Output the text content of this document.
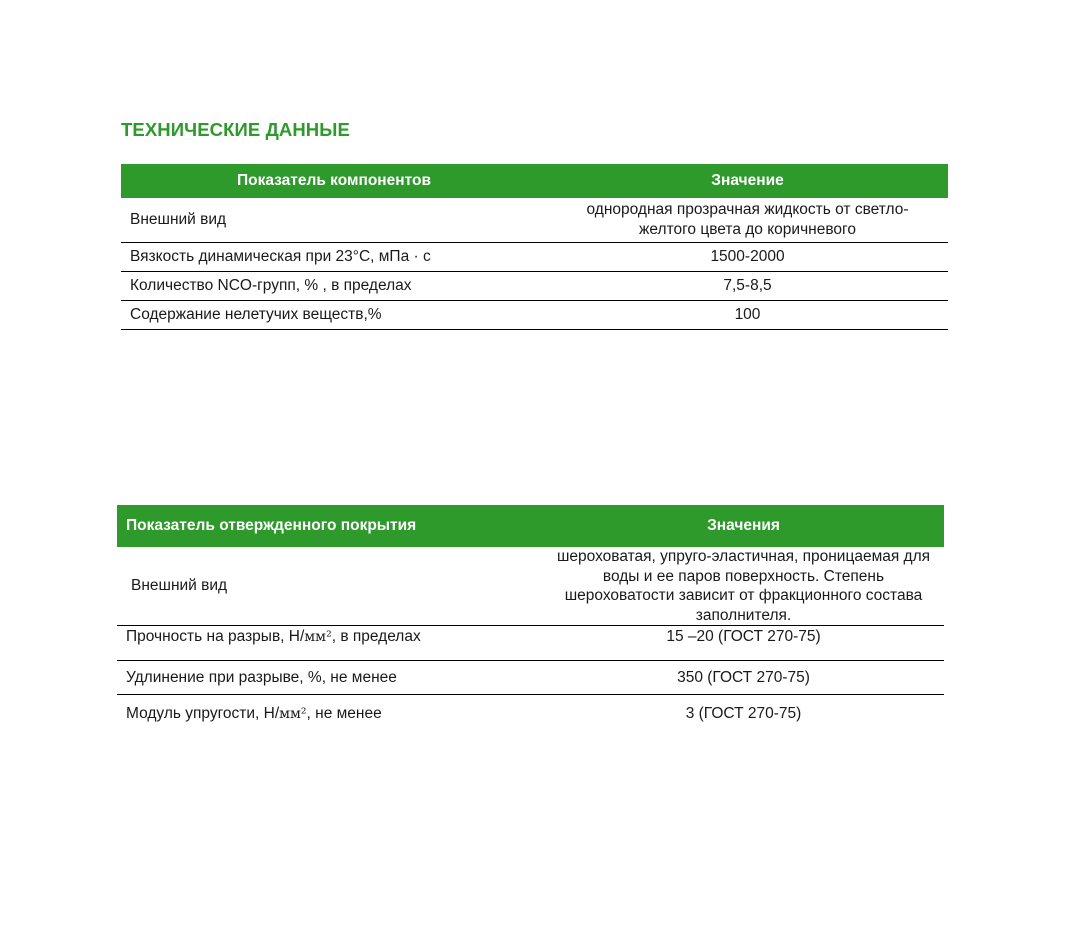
ТЕХНИЧЕСКИЕ ДАННЫЕ
Показатель компонентов	Значение
Внешний вид	однородная прозрачная жидкость от светло-желтого цвета до коричневого
Вязкость динамическая при 23°C, мПа · с	1500-2000
Количество NCO-групп, % , в пределах	7,5-8,5
Содержание нелетучих веществ,%	100
Показатель отвержденного покрытия	Значения
Внешний вид	шероховатая, упруго-эластичная, проницаемая для воды и ее паров поверхность. Степень шероховатости зависит от фракционного состава заполнителя.
Прочность на разрыв, Н/мм², в пределах	15 –20 (ГОСТ 270-75)
Удлинение при разрыве, %, не менее	350 (ГОСТ 270-75)
Модуль упругости, Н/мм², не менее	3 (ГОСТ 270-75)
